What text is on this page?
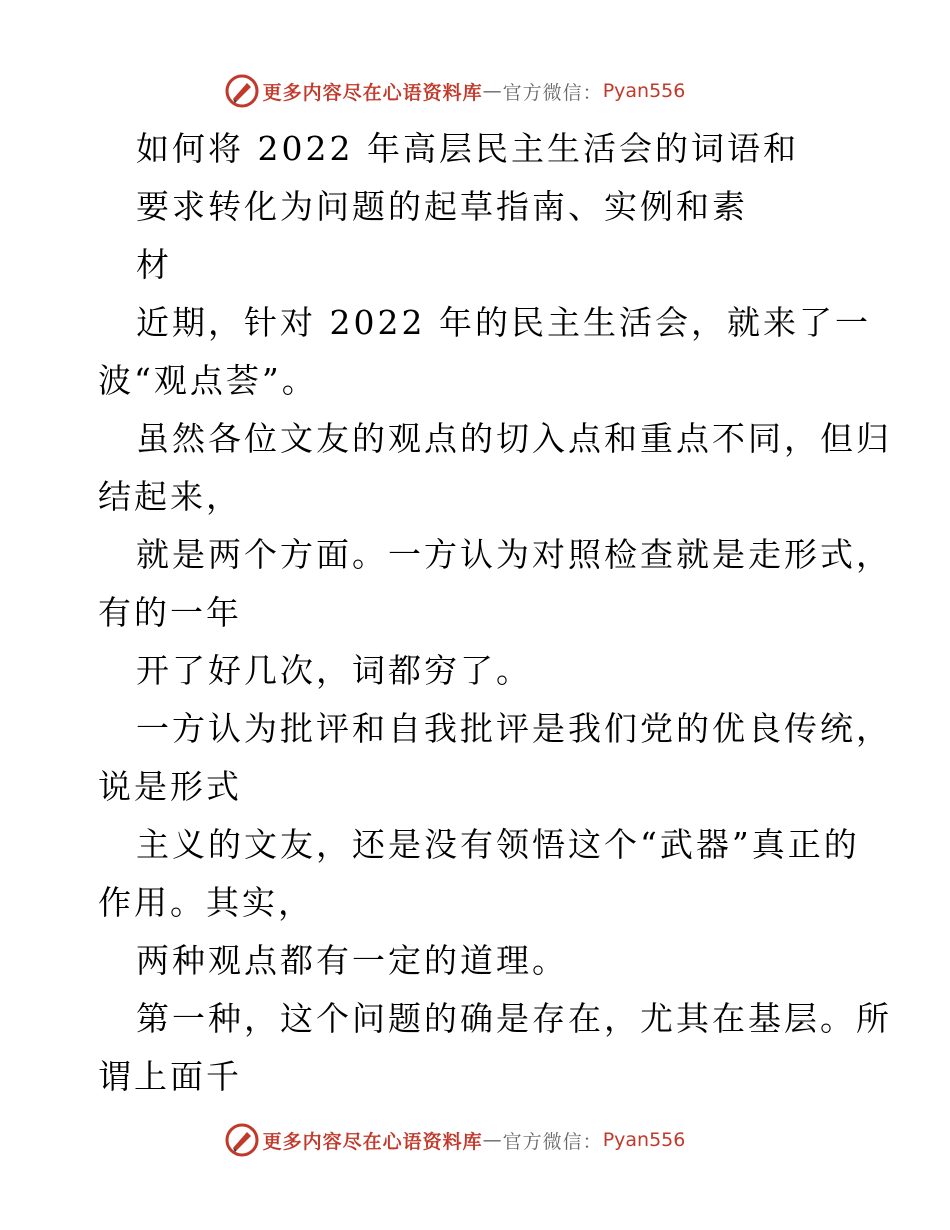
更多内容尽在心语资料库 — 官方微信： Pyan556
如何将 2022 年高层民主生活会的词语和
要求转化为问题的起草指南、实例和素
材
近期，针对 2022 年的民主生活会，就来了一
波“观点荟”。
虽然各位文友的观点的切入点和重点不同，但归
结起来，
就是两个方面。一方认为对照检查就是走形式，
有的一年
开了好几次，词都穷了。
一方认为批评和自我批评是我们党的优良传统，
说是形式
主义的文友，还是没有领悟这个“武器”真正的
作用。其实，
两种观点都有一定的道理。
第一种，这个问题的确是存在，尤其在基层。所
谓上面千
更多内容尽在心语资料库 — 官方微信： Pyan556
